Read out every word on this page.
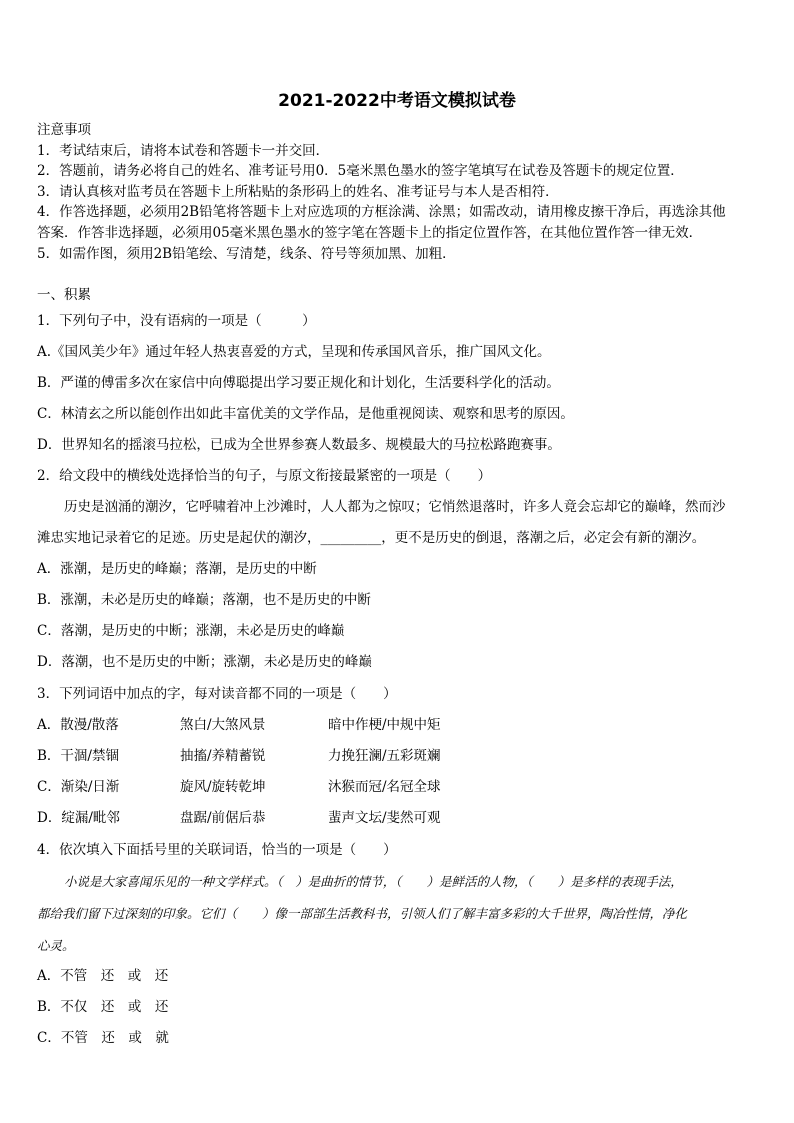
2021-2022中考语文模拟试卷
注意事项
1．考试结束后，请将本试卷和答题卡一并交回．
2．答题前，请务必将自己的姓名、准考证号用0．5毫米黑色墨水的签字笔填写在试卷及答题卡的规定位置．
3．请认真核对监考员在答题卡上所粘贴的条形码上的姓名、准考证号与本人是否相符．
4．作答选择题，必须用2B铅笔将答题卡上对应选项的方框涂满、涂黑；如需改动，请用橡皮擦干净后，再选涂其他
答案．作答非选择题，必须用05毫米黑色墨水的签字笔在答题卡上的指定位置作答，在其他位置作答一律无效．
5．如需作图，须用2B铅笔绘、写清楚，线条、符号等须加黑、加粗．
一、积累
1．下列句子中，没有语病的一项是（　　　）
A.《国风美少年》通过年轻人热衷喜爱的方式，呈现和传承国风音乐，推广国风文化。
B．严谨的傅雷多次在家信中向傅聪提出学习要正规化和计划化，生活要科学化的活动。
C．林清玄之所以能创作出如此丰富优美的文学作品，是他重视阅读、观察和思考的原因。
D．世界知名的摇滚马拉松，已成为全世界参赛人数最多、规模最大的马拉松路跑赛事。
2．给文段中的横线处选择恰当的句子，与原文衔接最紧密的一项是（　　）
历史是汹涌的潮汐，它呼啸着冲上沙滩时，人人都为之惊叹；它悄然退落时，许多人竟会忘却它的巅峰，然而沙
滩忠实地记录着它的足迹。历史是起伏的潮汐，_________，更不是历史的倒退，落潮之后，必定会有新的潮汐。
A．涨潮，是历史的峰巅；落潮，是历史的中断
B．涨潮，未必是历史的峰巅；落潮，也不是历史的中断
C．落潮，是历史的中断；涨潮，未必是历史的峰巅
D．落潮，也不是历史的中断；涨潮，未必是历史的峰巅
3．下列词语中加点的字，每对读音都不同的一项是（　　）
A．散漫/散落	煞白/大煞风景	暗中作梗/中规中矩
B．干涸/禁锢	抽搐/养精蓄锐	力挽狂澜/五彩斑斓
C．渐染/日渐	旋风/旋转乾坤	沐猴而冠/名冠全球
D．绽漏/毗邻	盘踞/前倨后恭	蜚声文坛/斐然可观
4．依次填入下面括号里的关联词语，恰当的一项是（　　）
小说是大家喜闻乐见的一种文学样式。（　）是曲折的情节，（　　）是鲜活的人物，（　　）是多样的表现手法，
都给我们留下过深刻的印象。它们（　　）像一部部生活教科书，引领人们了解丰富多彩的大千世界，陶冶性情，净化
心灵。
A．不管　还　或　还
B．不仅　还　或　还
C．不管　还　或　就
